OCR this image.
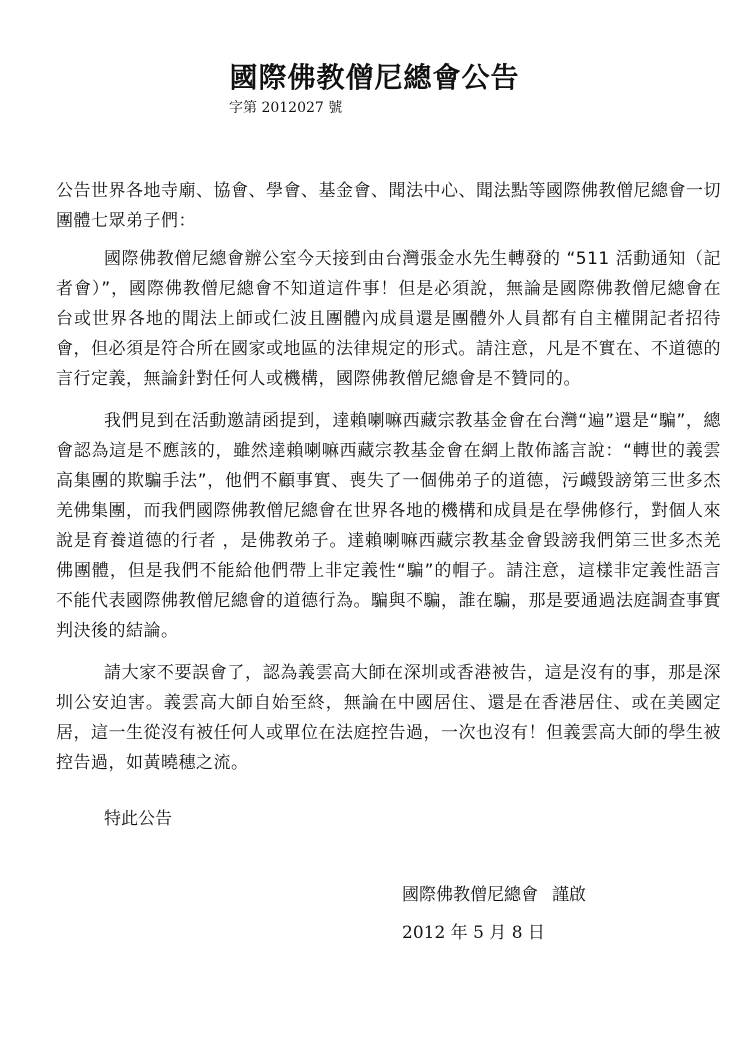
國際佛教僧尼總會公告
字第 2012027 號

公告世界各地寺廟、協會、學會、基金會、聞法中心、聞法點等國際佛教僧尼總會一切團體七眾弟子們：

國際佛教僧尼總會辦公室今天接到由台灣張金水先生轉發的 “511 活動通知（記者會）”，國際佛教僧尼總會不知道這件事！但是必須說，無論是國際佛教僧尼總會在台或世界各地的聞法上師或仁波且團體內成員還是團體外人員都有自主權開記者招待會，但必須是符合所在國家或地區的法律規定的形式。請注意，凡是不實在、不道德的言行定義，無論針對任何人或機構，國際佛教僧尼總會是不贊同的。

我們見到在活動邀請函提到，達賴喇嘛西藏宗教基金會在台灣“遍”還是“騙”，總會認為這是不應該的，雖然達賴喇嘛西藏宗教基金會在網上散佈謠言說：“轉世的義雲高集團的欺騙手法”，他們不顧事實、喪失了一個佛弟子的道德，污衊毀謗第三世多杰羌佛集團，而我們國際佛教僧尼總會在世界各地的機構和成員是在學佛修行，對個人來說是育養道德的行者 ，是佛教弟子。達賴喇嘛西藏宗教基金會毀謗我們第三世多杰羌佛團體，但是我們不能給他們帶上非定義性“騙”的帽子。請注意，這樣非定義性語言不能代表國際佛教僧尼總會的道德行為。騙與不騙，誰在騙，那是要通過法庭調查事實判決後的結論。

請大家不要誤會了，認為義雲高大師在深圳或香港被告，這是沒有的事，那是深圳公安迫害。義雲高大師自始至終，無論在中國居住、還是在香港居住、或在美國定居，這一生從沒有被任何人或單位在法庭控告過，一次也沒有！但義雲高大師的學生被控告過，如黃曉穗之流。

特此公告
國際佛教僧尼總會 謹啟
2012 年 5 月 8 日
